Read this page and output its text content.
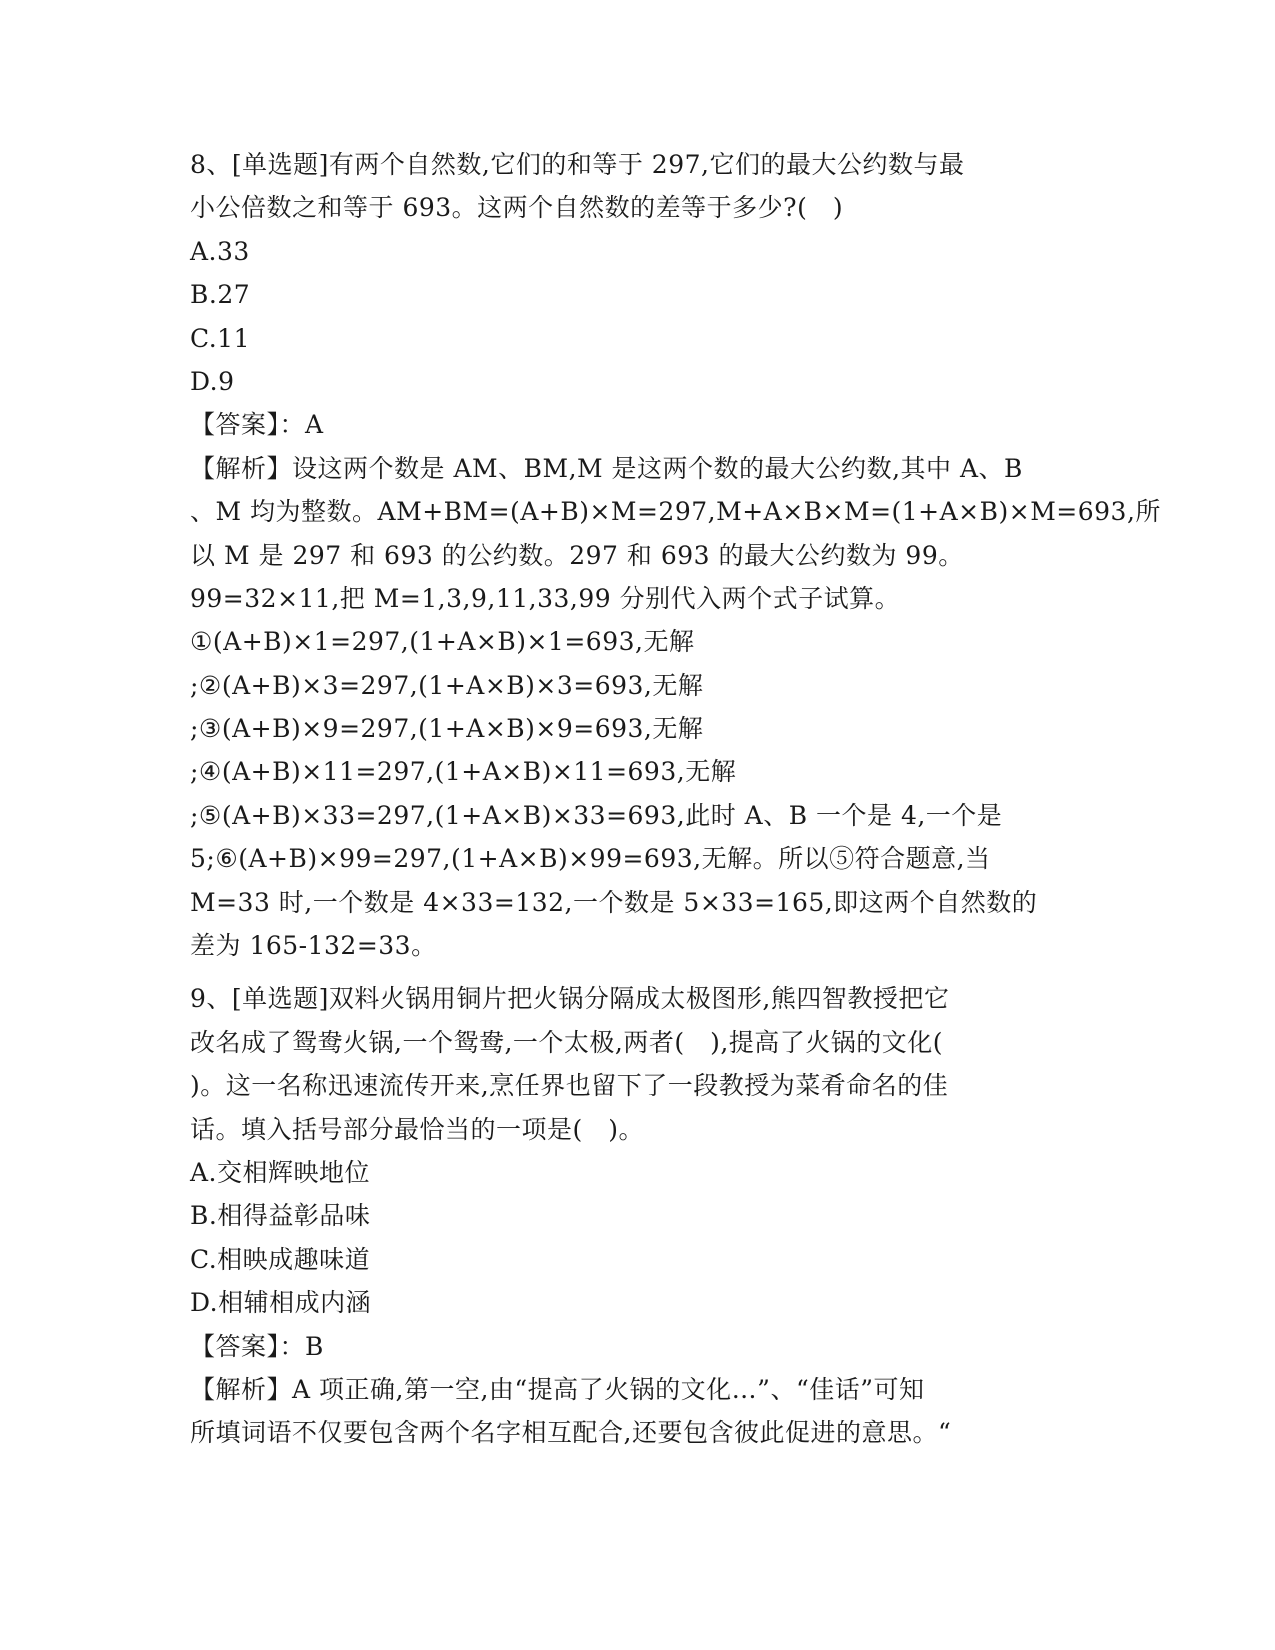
8、[单选题]有两个自然数,它们的和等于 297,它们的最大公约数与最
小公倍数之和等于 693。这两个自然数的差等于多少?(　)
A.33
B.27
C.11
D.9
【答案】：A
【解析】设这两个数是 AM、BM,M 是这两个数的最大公约数,其中 A、B
、M 均为整数。AM+BM=(A+B)×M=297,M+A×B×M=(1+A×B)×M=693,所
以 M 是 297 和 693 的公约数。297 和 693 的最大公约数为 99。
99=32×11,把 M=1,3,9,11,33,99 分别代入两个式子试算。
①(A+B)×1=297,(1+A×B)×1=693,无解
;②(A+B)×3=297,(1+A×B)×3=693,无解
;③(A+B)×9=297,(1+A×B)×9=693,无解
;④(A+B)×11=297,(1+A×B)×11=693,无解
;⑤(A+B)×33=297,(1+A×B)×33=693,此时 A、B 一个是 4,一个是
5;⑥(A+B)×99=297,(1+A×B)×99=693,无解。所以⑤符合题意,当
M=33 时,一个数是 4×33=132,一个数是 5×33=165,即这两个自然数的
差为 165-132=33。
9、[单选题]双料火锅用铜片把火锅分隔成太极图形,熊四智教授把它
改名成了鸳鸯火锅,一个鸳鸯,一个太极,两者(　),提高了火锅的文化(
)。这一名称迅速流传开来,烹任界也留下了一段教授为菜肴命名的佳
话。填入括号部分最恰当的一项是(　)。
A.交相辉映地位
B.相得益彰品味
C.相映成趣味道
D.相辅相成内涵
【答案】：B
【解析】A 项正确,第一空,由“提高了火锅的文化…”、“佳话”可知
所填词语不仅要包含两个名字相互配合,还要包含彼此促进的意思。“
